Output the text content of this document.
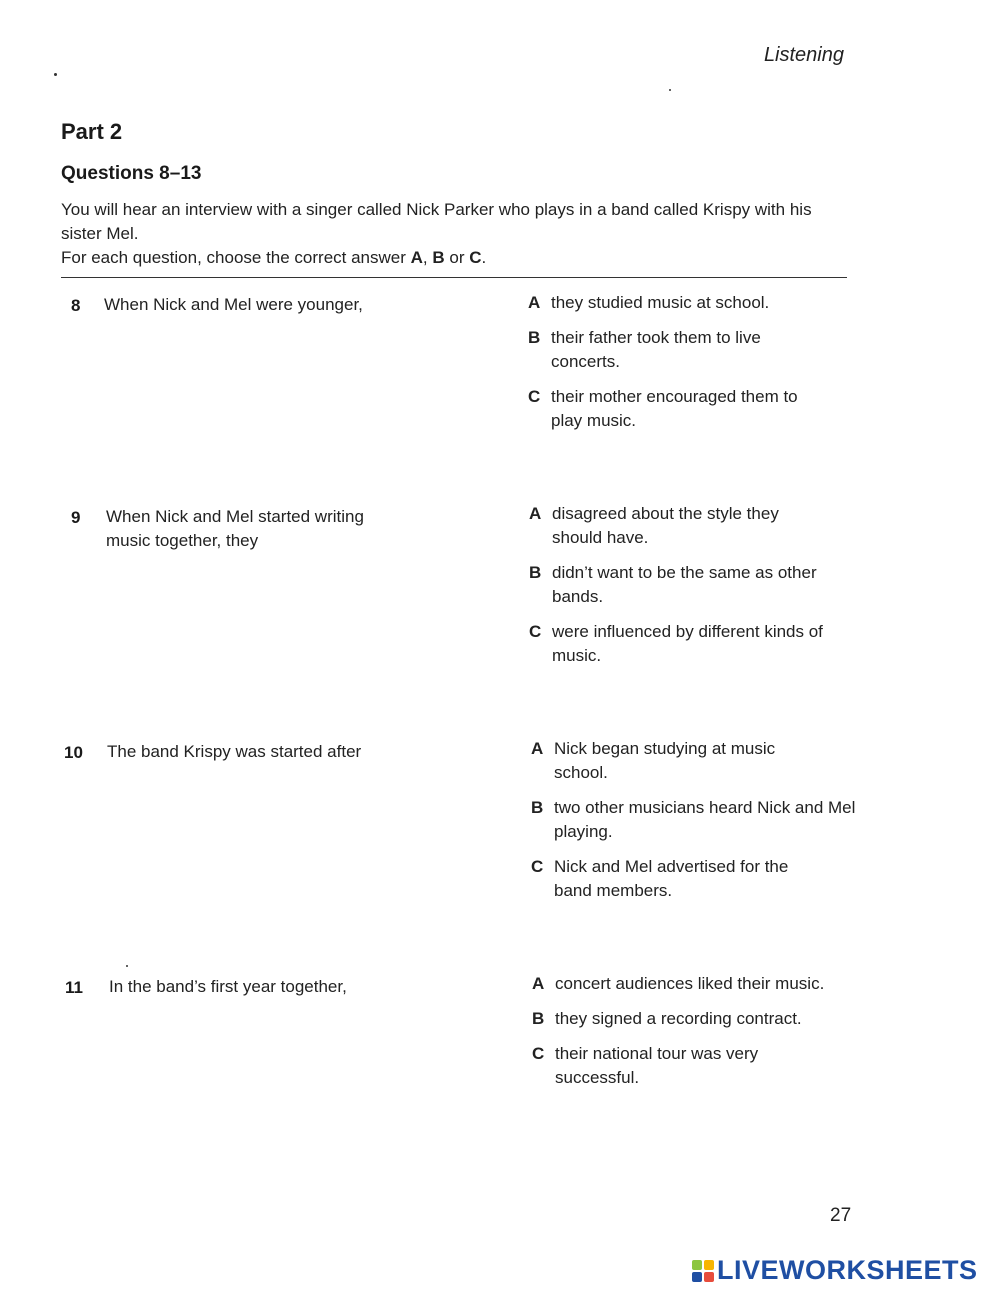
Listening
Part 2
Questions 8–13
You will hear an interview with a singer called Nick Parker who plays in a band called Krispy with his sister Mel.
For each question, choose the correct answer A, B or C.
8 When Nick and Mel were younger,	A they studied music at school.
B their father took them to live concerts.
C their mother encouraged them to play music.
9 When Nick and Mel started writing music together, they
A disagreed about the style they should have.
B didn’t want to be the same as other bands.
C were influenced by different kinds of music.
10 The band Krispy was started after	A Nick began studying at music school.
B two other musicians heard Nick and Mel playing.
C Nick and Mel advertised for the band members.
11 In the band’s first year together,	A concert audiences liked their music.
B they signed a recording contract.
C their national tour was very successful.
27
LIVEWORKSHEETS
